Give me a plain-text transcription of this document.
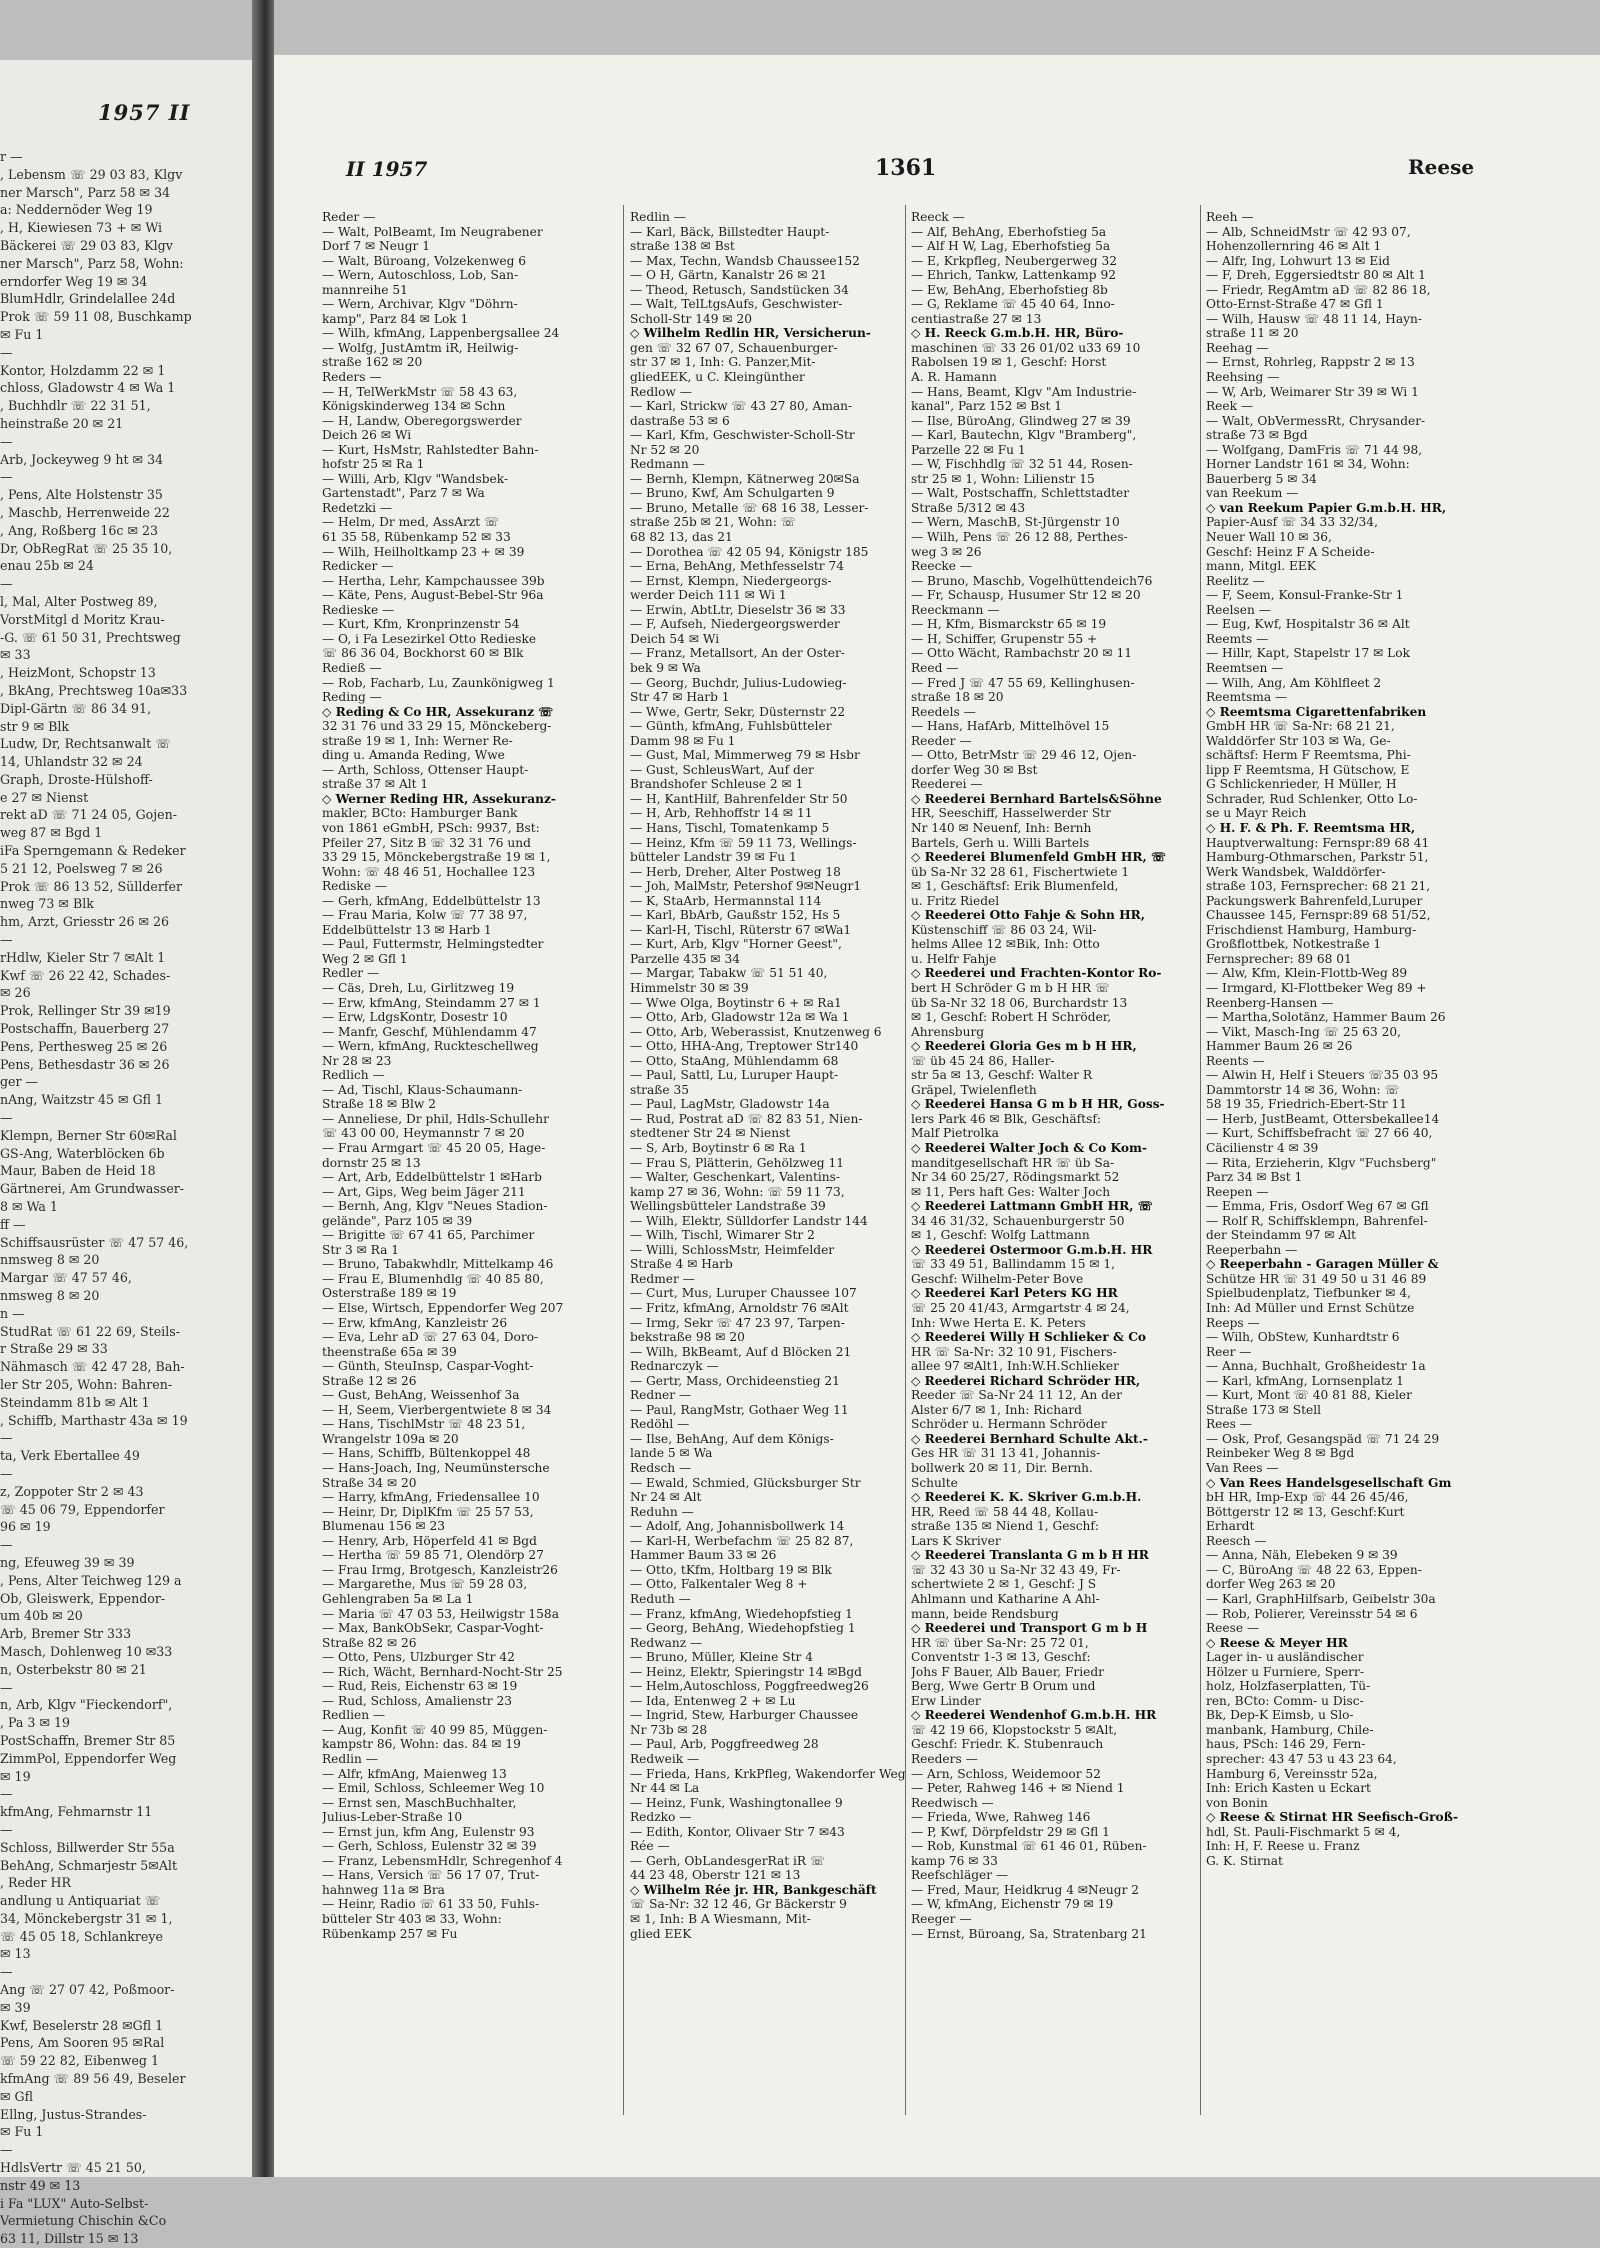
1957 II
r —
, Lebensm ☏ 29 03 83, Klgv
ner Marsch", Parz 58 ✉ 34
a: Neddernöder Weg 19
, H, Kiewiesen 73 + ✉ Wi
Bäckerei ☏ 29 03 83, Klgv
ner Marsch", Parz 58, Wohn:
erndorfer Weg 19 ✉ 34
BlumHdlr, Grindelallee 24d
Prok ☏ 59 11 08, Buschkamp
✉ Fu 1
—
Kontor, Holzdamm 22 ✉ 1
chloss, Gladowstr 4 ✉ Wa 1
, Buchhdlr ☏ 22 31 51,
heinstraße 20 ✉ 21
—
Arb, Jockeyweg 9 ht ✉ 34
—
, Pens, Alte Holstenstr 35
, Maschb, Herrenweide 22
, Ang, Roßberg 16c ✉ 23
Dr, ObRegRat ☏ 25 35 10,
enau 25b ✉ 24
—
l, Mal, Alter Postweg 89,
VorstMitgl d Moritz Krau-
-G. ☏ 61 50 31, Prechtsweg
✉ 33
, HeizMont, Schopstr 13
, BkAng, Prechtsweg 10a✉33
Dipl-Gärtn ☏ 86 34 91,
str 9 ✉ Blk
Ludw, Dr, Rechtsanwalt ☏
14, Uhlandstr 32 ✉ 24
Graph, Droste-Hülshoff-
e 27 ✉ Nienst
rekt aD ☏ 71 24 05, Gojen-
weg 87 ✉ Bgd 1
iFa Sperngemann & Redeker
5 21 12, Poelsweg 7 ✉ 26
Prok ☏ 86 13 52, Süllderfer
nweg 73 ✉ Blk
hm, Arzt, Griesstr 26 ✉ 26
—
rHdlw, Kieler Str 7 ✉Alt 1
Kwf ☏ 26 22 42, Schades-
✉ 26
Prok, Rellinger Str 39 ✉19
Postschaffn, Bauerberg 27
Pens, Perthesweg 25 ✉ 26
Pens, Bethesdastr 36 ✉ 26
ger —
nAng, Waitzstr 45 ✉ Gfl 1
—
Klempn, Berner Str 60✉Ral
GS-Ang, Waterblöcken 6b
Maur, Baben de Heid 18
Gärtnerei, Am Grundwasser-
8 ✉ Wa 1
ff —
Schiffsausrüster ☏ 47 57 46,
nmsweg 8 ✉ 20
Margar ☏ 47 57 46,
nmsweg 8 ✉ 20
n —
StudRat ☏ 61 22 69, Steils-
r Straße 29 ✉ 33
Nähmasch ☏ 42 47 28, Bah-
ler Str 205, Wohn: Bahren-
Steindamm 81b ✉ Alt 1
, Schiffb, Marthastr 43a ✉ 19
—
ta, Verk Ebertallee 49
—
z, Zoppoter Str 2 ✉ 43
☏ 45 06 79, Eppendorfer
96 ✉ 19
—
ng, Efeuweg 39 ✉ 39
, Pens, Alter Teichweg 129 a
Ob, Gleiswerk, Eppendor-
um 40b ✉ 20
Arb, Bremer Str 333
Masch, Dohlenweg 10 ✉33
n, Osterbekstr 80 ✉ 21
—
n, Arb, Klgv "Fieckendorf",
, Pa 3 ✉ 19
PostSchaffn, Bremer Str 85
ZimmPol, Eppendorfer Weg
✉ 19
—
kfmAng, Fehmarnstr 11
—
Schloss, Billwerder Str 55a
BehAng, Schmarjestr 5✉Alt
, Reder HR
andlung u Antiquariat ☏
34, Mönckebergstr 31 ✉ 1,
☏ 45 05 18, Schlankreye
✉ 13
—
Ang ☏ 27 07 42, Poßmoor-
✉ 39
Kwf, Beselerstr 28 ✉Gfl 1
Pens, Am Sooren 95 ✉Ral
☏ 59 22 82, Eibenweg 1
kfmAng ☏ 89 56 49, Beseler
✉ Gfl
Ellng, Justus-Strandes-
✉ Fu 1
—
HdlsVertr ☏ 45 21 50,
nstr 49 ✉ 13
i Fa "LUX" Auto-Selbst-
Vermietung Chischin &Co
63 11, Dillstr 15 ✉ 13
II 1957	1361	Reese
Reder —
— Walt, PolBeamt, Im Neugrabener
Dorf 7 ✉ Neugr 1
— Walt, Büroang, Volzekenweg 6
— Wern, Autoschloss, Lob, San-
mannreihe 51
— Wern, Archivar, Klgv "Döhrn-
kamp", Parz 84 ✉ Lok 1
— Wilh, kfmAng, Lappenbergsallee 24
— Wolfg, JustAmtm iR, Heilwig-
straße 162 ✉ 20
Reders —
— H, TelWerkMstr ☏ 58 43 63,
Königskinderweg 134 ✉ Schn
— H, Landw, Oberegorgswerder
Deich 26 ✉ Wi
— Kurt, HsMstr, Rahlstedter Bahn-
hofstr 25 ✉ Ra 1
— Willi, Arb, Klgv "Wandsbek-
Gartenstadt", Parz 7 ✉ Wa
Redetzki —
— Helm, Dr med, AssArzt ☏
61 35 58, Rübenkamp 52 ✉ 33
— Wilh, Heilholtkamp 23 + ✉ 39
Redicker —
— Hertha, Lehr, Kampchaussee 39b
— Käte, Pens, August-Bebel-Str 96a
Redieske —
— Kurt, Kfm, Kronprinzenstr 54
— O, i Fa Lesezirkel Otto Redieske
☏ 86 36 04, Bockhorst 60 ✉ Blk
Redieß —
— Rob, Facharb, Lu, Zaunkönigweg 1
Reding —
◇ Reding & Co HR, Assekuranz ☏
32 31 76 und 33 29 15, Mönckeberg-
straße 19 ✉ 1, Inh: Werner Re-
ding u. Amanda Reding, Wwe
— Arth, Schloss, Ottenser Haupt-
straße 37 ✉ Alt 1
◇ Werner Reding HR, Assekuranz-
makler, BCto: Hamburger Bank
von 1861 eGmbH, PSch: 9937, Bst:
Pfeiler 27, Sitz B ☏ 32 31 76 und
33 29 15, Mönckebergstraße 19 ✉ 1,
Wohn: ☏ 48 46 51, Hochallee 123
Rediske —
— Gerh, kfmAng, Eddelbüttelstr 13
— Frau Maria, Kolw ☏ 77 38 97,
Eddelbüttelstr 13 ✉ Harb 1
— Paul, Futtermstr, Helmingstedter
Weg 2 ✉ Gfl 1
Redler —
— Cäs, Dreh, Lu, Girlitzweg 19
— Erw, kfmAng, Steindamm 27 ✉ 1
— Erw, LdgsKontr, Dosestr 10
— Manfr, Geschf, Mühlendamm 47
— Wern, kfmAng, Ruckteschellweg
Nr 28 ✉ 23
Redlich —
— Ad, Tischl, Klaus-Schaumann-
Straße 18 ✉ Blw 2
— Anneliese, Dr phil, Hdls-Schullehr
☏ 43 00 00, Heymannstr 7 ✉ 20
— Frau Armgart ☏ 45 20 05, Hage-
dornstr 25 ✉ 13
— Art, Arb, Eddelbüttelstr 1 ✉Harb
— Art, Gips, Weg beim Jäger 211
— Bernh, Ang, Klgv "Neues Stadion-
gelände", Parz 105 ✉ 39
— Brigitte ☏ 67 41 65, Parchimer
Str 3 ✉ Ra 1
— Bruno, Tabakwhdlr, Mittelkamp 46
— Frau E, Blumenhdlg ☏ 40 85 80,
Osterstraße 189 ✉ 19
— Else, Wirtsch, Eppendorfer Weg 207
— Erw, kfmAng, Kanzleistr 26
— Eva, Lehr aD ☏ 27 63 04, Doro-
theenstraße 65a ✉ 39
— Günth, SteuInsp, Caspar-Voght-
Straße 12 ✉ 26
— Gust, BehAng, Weissenhof 3a
— H, Seem, Vierbergentwiete 8 ✉ 34
— Hans, TischlMstr ☏ 48 23 51,
Wrangelstr 109a ✉ 20
— Hans, Schiffb, Bültenkoppel 48
— Hans-Joach, Ing, Neumünstersche
Straße 34 ✉ 20
— Harry, kfmAng, Friedensallee 10
— Heinr, Dr, DiplKfm ☏ 25 57 53,
Blumenau 156 ✉ 23
— Henry, Arb, Höperfeld 41 ✉ Bgd
— Hertha ☏ 59 85 71, Olendörp 27
— Frau Irmg, Brotgesch, Kanzleistr26
— Margarethe, Mus ☏ 59 28 03,
Gehlengraben 5a ✉ La 1
— Maria ☏ 47 03 53, Heilwigstr 158a
— Max, BankObSekr, Caspar-Voght-
Straße 82 ✉ 26
— Otto, Pens, Ulzburger Str 42
— Rich, Wächt, Bernhard-Nocht-Str 25
— Rud, Reis, Eichenstr 63 ✉ 19
— Rud, Schloss, Amalienstr 23
Redlien —
— Aug, Konfit ☏ 40 99 85, Müggen-
kampstr 86, Wohn: das. 84 ✉ 19
Redlin —
— Alfr, kfmAng, Maienweg 13
— Emil, Schloss, Schleemer Weg 10
— Ernst sen, MaschBuchhalter,
Julius-Leber-Straße 10
— Ernst jun, kfm Ang, Eulenstr 93
— Gerh, Schloss, Eulenstr 32 ✉ 39
— Franz, LebensmHdlr, Schregenhof 4
— Hans, Versich ☏ 56 17 07, Trut-
hahnweg 11a ✉ Bra
— Heinr, Radio ☏ 61 33 50, Fuhls-
bütteler Str 403 ✉ 33, Wohn:
Rübenkamp 257 ✉ Fu
Redlin —
— Karl, Bäck, Billstedter Haupt-
straße 138 ✉ Bst
— Max, Techn, Wandsb Chaussee152
— O H, Gärtn, Kanalstr 26 ✉ 21
— Theod, Retusch, Sandstücken 34
— Walt, TelLtgsAufs, Geschwister-
Scholl-Str 149 ✉ 20
◇ Wilhelm Redlin HR, Versicherun-
gen ☏ 32 67 07, Schauenburger-
str 37 ✉ 1, Inh: G. Panzer,Mit-
gliedEEK, u C. Kleingünther
Redlow —
— Karl, Strickw ☏ 43 27 80, Aman-
dastraße 53 ✉ 6
— Karl, Kfm, Geschwister-Scholl-Str
Nr 52 ✉ 20
Redmann —
— Bernh, Klempn, Kätnerweg 20✉Sa
— Bruno, Kwf, Am Schulgarten 9
— Bruno, Metalle ☏ 68 16 38, Lesser-
straße 25b ✉ 21, Wohn: ☏
68 82 13, das 21
— Dorothea ☏ 42 05 94, Königstr 185
— Erna, BehAng, Methfesselstr 74
— Ernst, Klempn, Niedergeorgs-
werder Deich 111 ✉ Wi 1
— Erwin, AbtLtr, Dieselstr 36 ✉ 33
— F, Aufseh, Niedergeorgswerder
Deich 54 ✉ Wi
— Franz, Metallsort, An der Oster-
bek 9 ✉ Wa
— Georg, Buchdr, Julius-Ludowieg-
Str 47 ✉ Harb 1
— Wwe, Gertr, Sekr, Düsternstr 22
— Günth, kfmAng, Fuhlsbütteler
Damm 98 ✉ Fu 1
— Gust, Mal, Mimmerweg 79 ✉ Hsbr
— Gust, SchleusWart, Auf der
Brandshofer Schleuse 2 ✉ 1
— H, KantHilf, Bahrenfelder Str 50
— H, Arb, Rehhoffstr 14 ✉ 11
— Hans, Tischl, Tomatenkamp 5
— Heinz, Kfm ☏ 59 11 73, Wellings-
bütteler Landstr 39 ✉ Fu 1
— Herb, Dreher, Alter Postweg 18
— Joh, MalMstr, Petershof 9✉Neugr1
— K, StaArb, Hermannstal 114
— Karl, BbArb, Gaußstr 152, Hs 5
— Karl-H, Tischl, Rüterstr 67 ✉Wa1
— Kurt, Arb, Klgv "Horner Geest",
Parzelle 435 ✉ 34
— Margar, Tabakw ☏ 51 51 40,
Himmelstr 30 ✉ 39
— Wwe Olga, Boytinstr 6 + ✉ Ra1
— Otto, Arb, Gladowstr 12a ✉ Wa 1
— Otto, Arb, Weberassist, Knutzenweg 6
— Otto, HHA-Ang, Treptower Str140
— Otto, StaAng, Mühlendamm 68
— Paul, Sattl, Lu, Luruper Haupt-
straße 35
— Paul, LagMstr, Gladowstr 14a
— Rud, Postrat aD ☏ 82 83 51, Nien-
stedtener Str 24 ✉ Nienst
— S, Arb, Boytinstr 6 ✉ Ra 1
— Frau S, Plätterin, Gehölzweg 11
— Walter, Geschenkart, Valentins-
kamp 27 ✉ 36, Wohn: ☏ 59 11 73,
Wellingsbütteler Landstraße 39
— Wilh, Elektr, Sülldorfer Landstr 144
— Wilh, Tischl, Wimarer Str 2
— Willi, SchlossMstr, Heimfelder
Straße 4 ✉ Harb
Redmer —
— Curt, Mus, Luruper Chaussee 107
— Fritz, kfmAng, Arnoldstr 76 ✉Alt
— Irmg, Sekr ☏ 47 23 97, Tarpen-
bekstraße 98 ✉ 20
— Wilh, BkBeamt, Auf d Blöcken 21
Rednarczyk —
— Gertr, Mass, Orchideenstieg 21
Redner —
— Paul, RangMstr, Gothaer Weg 11
Redöhl —
— Ilse, BehAng, Auf dem Königs-
lande 5 ✉ Wa
Redsch —
— Ewald, Schmied, Glücksburger Str
Nr 24 ✉ Alt
Reduhn —
— Adolf, Ang, Johannisbollwerk 14
— Karl-H, Werbefachm ☏ 25 82 87,
Hammer Baum 33 ✉ 26
— Otto, tKfm, Holtbarg 19 ✉ Blk
— Otto, Falkentaler Weg 8 +
Reduth —
— Franz, kfmAng, Wiedehopfstieg 1
— Georg, BehAng, Wiedehopfstieg 1
Redwanz —
— Bruno, Müller, Kleine Str 4
— Heinz, Elektr, Spieringstr 14 ✉Bgd
— Helm,Autoschloss, Poggfreedweg26
— Ida, Entenweg 2 + ✉ Lu
— Ingrid, Stew, Harburger Chaussee
Nr 73b ✉ 28
— Paul, Arb, Poggfreedweg 28
Redweik —
— Frieda, Hans, KrkPfleg, Wakendorfer Weg
Nr 44 ✉ La
— Heinz, Funk, Washingtonallee 9
Redzko —
— Edith, Kontor, Olivaer Str 7 ✉43
Rée —
— Gerh, ObLandesgerRat iR ☏
44 23 48, Oberstr 121 ✉ 13
◇ Wilhelm Rée jr. HR, Bankgeschäft
☏ Sa-Nr: 32 12 46, Gr Bäckerstr 9
✉ 1, Inh: B A Wiesmann, Mit-
glied EEK
Reeck —
— Alf, BehAng, Eberhofstieg 5a
— Alf H W, Lag, Eberhofstieg 5a
— E, Krkpfleg, Neubergerweg 32
— Ehrich, Tankw, Lattenkamp 92
— Ew, BehAng, Eberhofstieg 8b
— G, Reklame ☏ 45 40 64, Inno-
centiastraße 27 ✉ 13
◇ H. Reeck G.m.b.H. HR, Büro-
maschinen ☏ 33 26 01/02 u33 69 10
Rabolsen 19 ✉ 1, Geschf: Horst
A. R. Hamann
— Hans, Beamt, Klgv "Am Industrie-
kanal", Parz 152 ✉ Bst 1
— Ilse, BüroAng, Glindweg 27 ✉ 39
— Karl, Bautechn, Klgv "Bramberg",
Parzelle 22 ✉ Fu 1
— W, Fischhdlg ☏ 32 51 44, Rosen-
str 25 ✉ 1, Wohn: Lilienstr 15
— Walt, Postschaffn, Schlettstadter
Straße 5/312 ✉ 43
— Wern, MaschB, St-Jürgenstr 10
— Wilh, Pens ☏ 26 12 88, Perthes-
weg 3 ✉ 26
Reecke —
— Bruno, Maschb, Vogelhüttendeich76
— Fr, Schausp, Husumer Str 12 ✉ 20
Reeckmann —
— H, Kfm, Bismarckstr 65 ✉ 19
— H, Schiffer, Grupenstr 55 +
— Otto Wächt, Rambachstr 20 ✉ 11
Reed —
— Fred J ☏ 47 55 69, Kellinghusen-
straße 18 ✉ 20
Reedels —
— Hans, HafArb, Mittelhövel 15
Reeder —
— Otto, BetrMstr ☏ 29 46 12, Ojen-
dorfer Weg 30 ✉ Bst
Reederei —
◇ Reederei Bernhard Bartels&Söhne
HR, Seeschiff, Hasselwerder Str
Nr 140 ✉ Neuenf, Inh: Bernh
Bartels, Gerh u. Willi Bartels
◇ Reederei Blumenfeld GmbH HR, ☏
üb Sa-Nr 32 28 61, Fischertwiete 1
✉ 1, Geschäftsf: Erik Blumenfeld,
u. Fritz Riedel
◇ Reederei Otto Fahje & Sohn HR,
Küstenschiff ☏ 86 03 24, Wil-
helms Allee 12 ✉Bik, Inh: Otto
u. Helfr Fahje
◇ Reederei und Frachten-Kontor Ro-
bert H Schröder G m b H HR ☏
üb Sa-Nr 32 18 06, Burchardstr 13
✉ 1, Geschf: Robert H Schröder,
Ahrensburg
◇ Reederei Gloria Ges m b H HR,
☏ üb 45 24 86, Haller-
str 5a ✉ 13, Geschf: Walter R
Gräpel, Twielenfleth
◇ Reederei Hansa G m b H HR, Goss-
lers Park 46 ✉ Blk, Geschäftsf:
Malf Pietrolka
◇ Reederei Walter Joch & Co Kom-
manditgesellschaft HR ☏ üb Sa-
Nr 34 60 25/27, Rödingsmarkt 52
✉ 11, Pers haft Ges: Walter Joch
◇ Reederei Lattmann GmbH HR, ☏
34 46 31/32, Schauenburgerstr 50
✉ 1, Geschf: Wolfg Lattmann
◇ Reederei Ostermoor G.m.b.H. HR
☏ 33 49 51, Ballindamm 15 ✉ 1,
Geschf: Wilhelm-Peter Bove
◇ Reederei Karl Peters KG HR
☏ 25 20 41/43, Armgartstr 4 ✉ 24,
Inh: Wwe Herta E. K. Peters
◇ Reederei Willy H Schlieker & Co
HR ☏ Sa-Nr: 32 10 91, Fischers-
allee 97 ✉Alt1, Inh:W.H.Schlieker
◇ Reederei Richard Schröder HR,
Reeder ☏ Sa-Nr 24 11 12, An der
Alster 6/7 ✉ 1, Inh: Richard
Schröder u. Hermann Schröder
◇ Reederei Bernhard Schulte Akt.-
Ges HR ☏ 31 13 41, Johannis-
bollwerk 20 ✉ 11, Dir. Bernh.
Schulte
◇ Reederei K. K. Skriver G.m.b.H.
HR, Reed ☏ 58 44 48, Kollau-
straße 135 ✉ Niend 1, Geschf:
Lars K Skriver
◇ Reederei Translanta G m b H HR
☏ 32 43 30 u Sa-Nr 32 43 49, Fr-
schertwiete 2 ✉ 1, Geschf: J S
Ahlmann und Katharine A Ahl-
mann, beide Rendsburg
◇ Reederei und Transport G m b H
HR ☏ über Sa-Nr: 25 72 01,
Conventstr 1-3 ✉ 13, Geschf:
Johs F Bauer, Alb Bauer, Friedr
Berg, Wwe Gertr B Orum und
Erw Linder
◇ Reederei Wendenhof G.m.b.H. HR
☏ 42 19 66, Klopstockstr 5 ✉Alt,
Geschf: Friedr. K. Stubenrauch
Reeders —
— Arn, Schloss, Weidemoor 52
— Peter, Rahweg 146 + ✉ Niend 1
Reedwisch —
— Frieda, Wwe, Rahweg 146
— P, Kwf, Dörpfeldstr 29 ✉ Gfl 1
— Rob, Kunstmal ☏ 61 46 01, Rüben-
kamp 76 ✉ 33
Reefschläger —
— Fred, Maur, Heidkrug 4 ✉Neugr 2
— W, kfmAng, Eichenstr 79 ✉ 19
Reeger —
— Ernst, Büroang, Sa, Stratenbarg 21
Reeh —
— Alb, SchneidMstr ☏ 42 93 07,
Hohenzollernring 46 ✉ Alt 1
— Alfr, Ing, Lohwurt 13 ✉ Eid
— F, Dreh, Eggersiedtstr 80 ✉ Alt 1
— Friedr, RegAmtm aD ☏ 82 86 18,
Otto-Ernst-Straße 47 ✉ Gfl 1
— Wilh, Hausw ☏ 48 11 14, Hayn-
straße 11 ✉ 20
Reehag —
— Ernst, Rohrleg, Rappstr 2 ✉ 13
Reehsing —
— W, Arb, Weimarer Str 39 ✉ Wi 1
Reek —
— Walt, ObVermessRt, Chrysander-
straße 73 ✉ Bgd
— Wolfgang, DamFris ☏ 71 44 98,
Horner Landstr 161 ✉ 34, Wohn:
Bauerberg 5 ✉ 34
van Reekum —
◇ van Reekum Papier G.m.b.H. HR,
Papier-Ausf ☏ 34 33 32/34,
Neuer Wall 10 ✉ 36,
Geschf: Heinz F A Scheide-
mann, Mitgl. EEK
Reelitz —
— F, Seem, Konsul-Franke-Str 1
Reelsen —
— Eug, Kwf, Hospitalstr 36 ✉ Alt
Reemts —
— Hillr, Kapt, Stapelstr 17 ✉ Lok
Reemtsen —
— Wilh, Ang, Am Köhlfleet 2
Reemtsma —
◇ Reemtsma Cigarettenfabriken
GmbH HR ☏ Sa-Nr: 68 21 21,
Walddörfer Str 103 ✉ Wa, Ge-
schäftsf: Herm F Reemtsma, Phi-
lipp F Reemtsma, H Gütschow, E
G Schlickenrieder, H Müller, H
Schrader, Rud Schlenker, Otto Lo-
se u Mayr Reich
◇ H. F. & Ph. F. Reemtsma HR,
Hauptverwaltung: Fernspr:89 68 41
Hamburg-Othmarschen, Parkstr 51,
Werk Wandsbek, Walddörfer-
straße 103, Fernsprecher: 68 21 21,
Packungswerk Bahrenfeld,Luruper
Chaussee 145, Fernspr:89 68 51/52,
Frischdienst Hamburg, Hamburg-
Großflottbek, Notkestraße 1
Fernsprecher: 89 68 01
— Alw, Kfm, Klein-Flottb-Weg 89
— Irmgard, Kl-Flottbeker Weg 89 +
Reenberg-Hansen —
— Martha,Solotänz, Hammer Baum 26
— Vikt, Masch-Ing ☏ 25 63 20,
Hammer Baum 26 ✉ 26
Reents —
— Alwin H, Helf i Steuers ☏35 03 95
Dammtorstr 14 ✉ 36, Wohn: ☏
58 19 35, Friedrich-Ebert-Str 11
— Herb, JustBeamt, Ottersbekallee14
— Kurt, Schiffsbefracht ☏ 27 66 40,
Cäcilienstr 4 ✉ 39
— Rita, Erzieherin, Klgv "Fuchsberg"
Parz 34 ✉ Bst 1
Reepen —
— Emma, Fris, Osdorf Weg 67 ✉ Gfl
— Rolf R, Schiffsklempn, Bahrenfel-
der Steindamm 97 ✉ Alt
Reeperbahn —
◇ Reeperbahn - Garagen Müller &
Schütze HR ☏ 31 49 50 u 31 46 89
Spielbudenplatz, Tiefbunker ✉ 4,
Inh: Ad Müller und Ernst Schütze
Reeps —
— Wilh, ObStew, Kunhardtstr 6
Reer —
— Anna, Buchhalt, Großheidestr 1a
— Karl, kfmAng, Lornsenplatz 1
— Kurt, Mont ☏ 40 81 88, Kieler
Straße 173 ✉ Stell
Rees —
— Osk, Prof, Gesangspäd ☏ 71 24 29
Reinbeker Weg 8 ✉ Bgd
Van Rees —
◇ Van Rees Handelsgesellschaft Gm
bH HR, Imp-Exp ☏ 44 26 45/46,
Böttgerstr 12 ✉ 13, Geschf:Kurt
Erhardt
Reesch —
— Anna, Näh, Elebeken 9 ✉ 39
— C, BüroAng ☏ 48 22 63, Eppen-
dorfer Weg 263 ✉ 20
— Karl, GraphHilfsarb, Geibelstr 30a
— Rob, Polierer, Vereinsstr 54 ✉ 6
Reese —
◇ Reese & Meyer HR
Lager in- u ausländischer
Hölzer u Furniere, Sperr-
holz, Holzfaserplatten, Tü-
ren, BCto: Comm- u Disc-
Bk, Dep-K Eimsb, u Slo-
manbank, Hamburg, Chile-
haus, PSch: 146 29, Fern-
sprecher: 43 47 53 u 43 23 64,
Hamburg 6, Vereinsstr 52a,
Inh: Erich Kasten u Eckart
von Bonin
◇ Reese & Stirnat HR Seefisch-Groß-
hdl, St. Pauli-Fischmarkt 5 ✉ 4,
Inh: H, F. Reese u. Franz
G. K. Stirnat
